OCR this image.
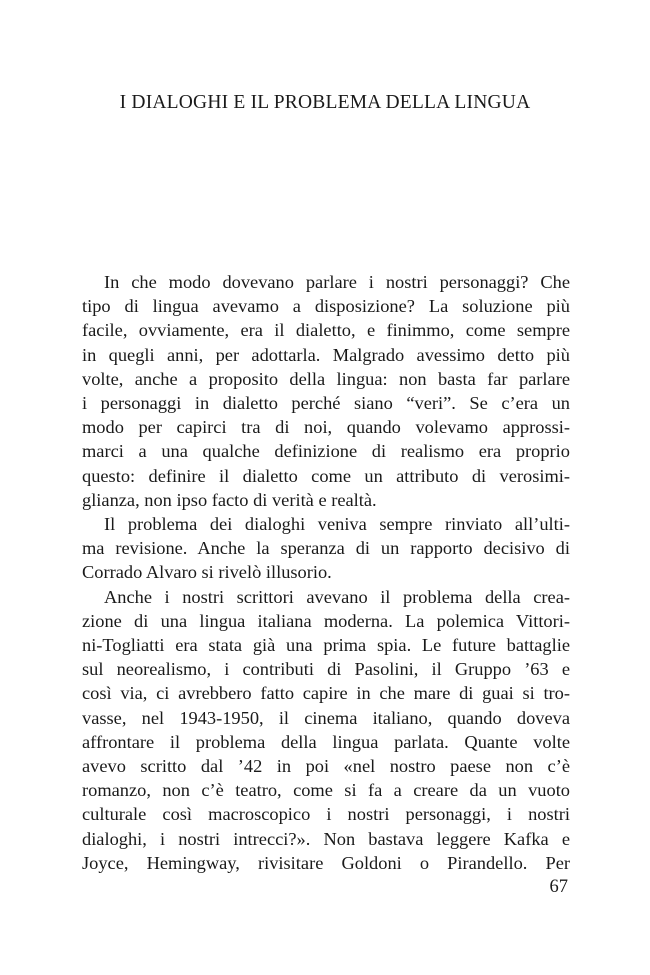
I DIALOGHI E IL PROBLEMA DELLA LINGUA
In che modo dovevano parlare i nostri personaggi? Che
tipo di lingua avevamo a disposizione? La soluzione più
facile, ovviamente, era il dialetto, e finimmo, come sempre
in quegli anni, per adottarla. Malgrado avessimo detto più
volte, anche a proposito della lingua: non basta far parlare
i personaggi in dialetto perché siano “veri”. Se c’era un
modo per capirci tra di noi, quando volevamo approssi-
marci a una qualche definizione di realismo era proprio
questo: definire il dialetto come un attributo di verosimi-
glianza, non ipso facto di verità e realtà.
Il problema dei dialoghi veniva sempre rinviato all’ulti-
ma revisione. Anche la speranza di un rapporto decisivo di
Corrado Alvaro si rivelò illusorio.
Anche i nostri scrittori avevano il problema della crea-
zione di una lingua italiana moderna. La polemica Vittori-
ni-Togliatti era stata già una prima spia. Le future battaglie
sul neorealismo, i contributi di Pasolini, il Gruppo ’63 e
così via, ci avrebbero fatto capire in che mare di guai si tro-
vasse, nel 1943-1950, il cinema italiano, quando doveva
affrontare il problema della lingua parlata. Quante volte
avevo scritto dal ’42 in poi «nel nostro paese non c’è
romanzo, non c’è teatro, come si fa a creare da un vuoto
culturale così macroscopico i nostri personaggi, i nostri
dialoghi, i nostri intrecci?». Non bastava leggere Kafka e
Joyce, Hemingway, rivisitare Goldoni o Pirandello. Per

67
